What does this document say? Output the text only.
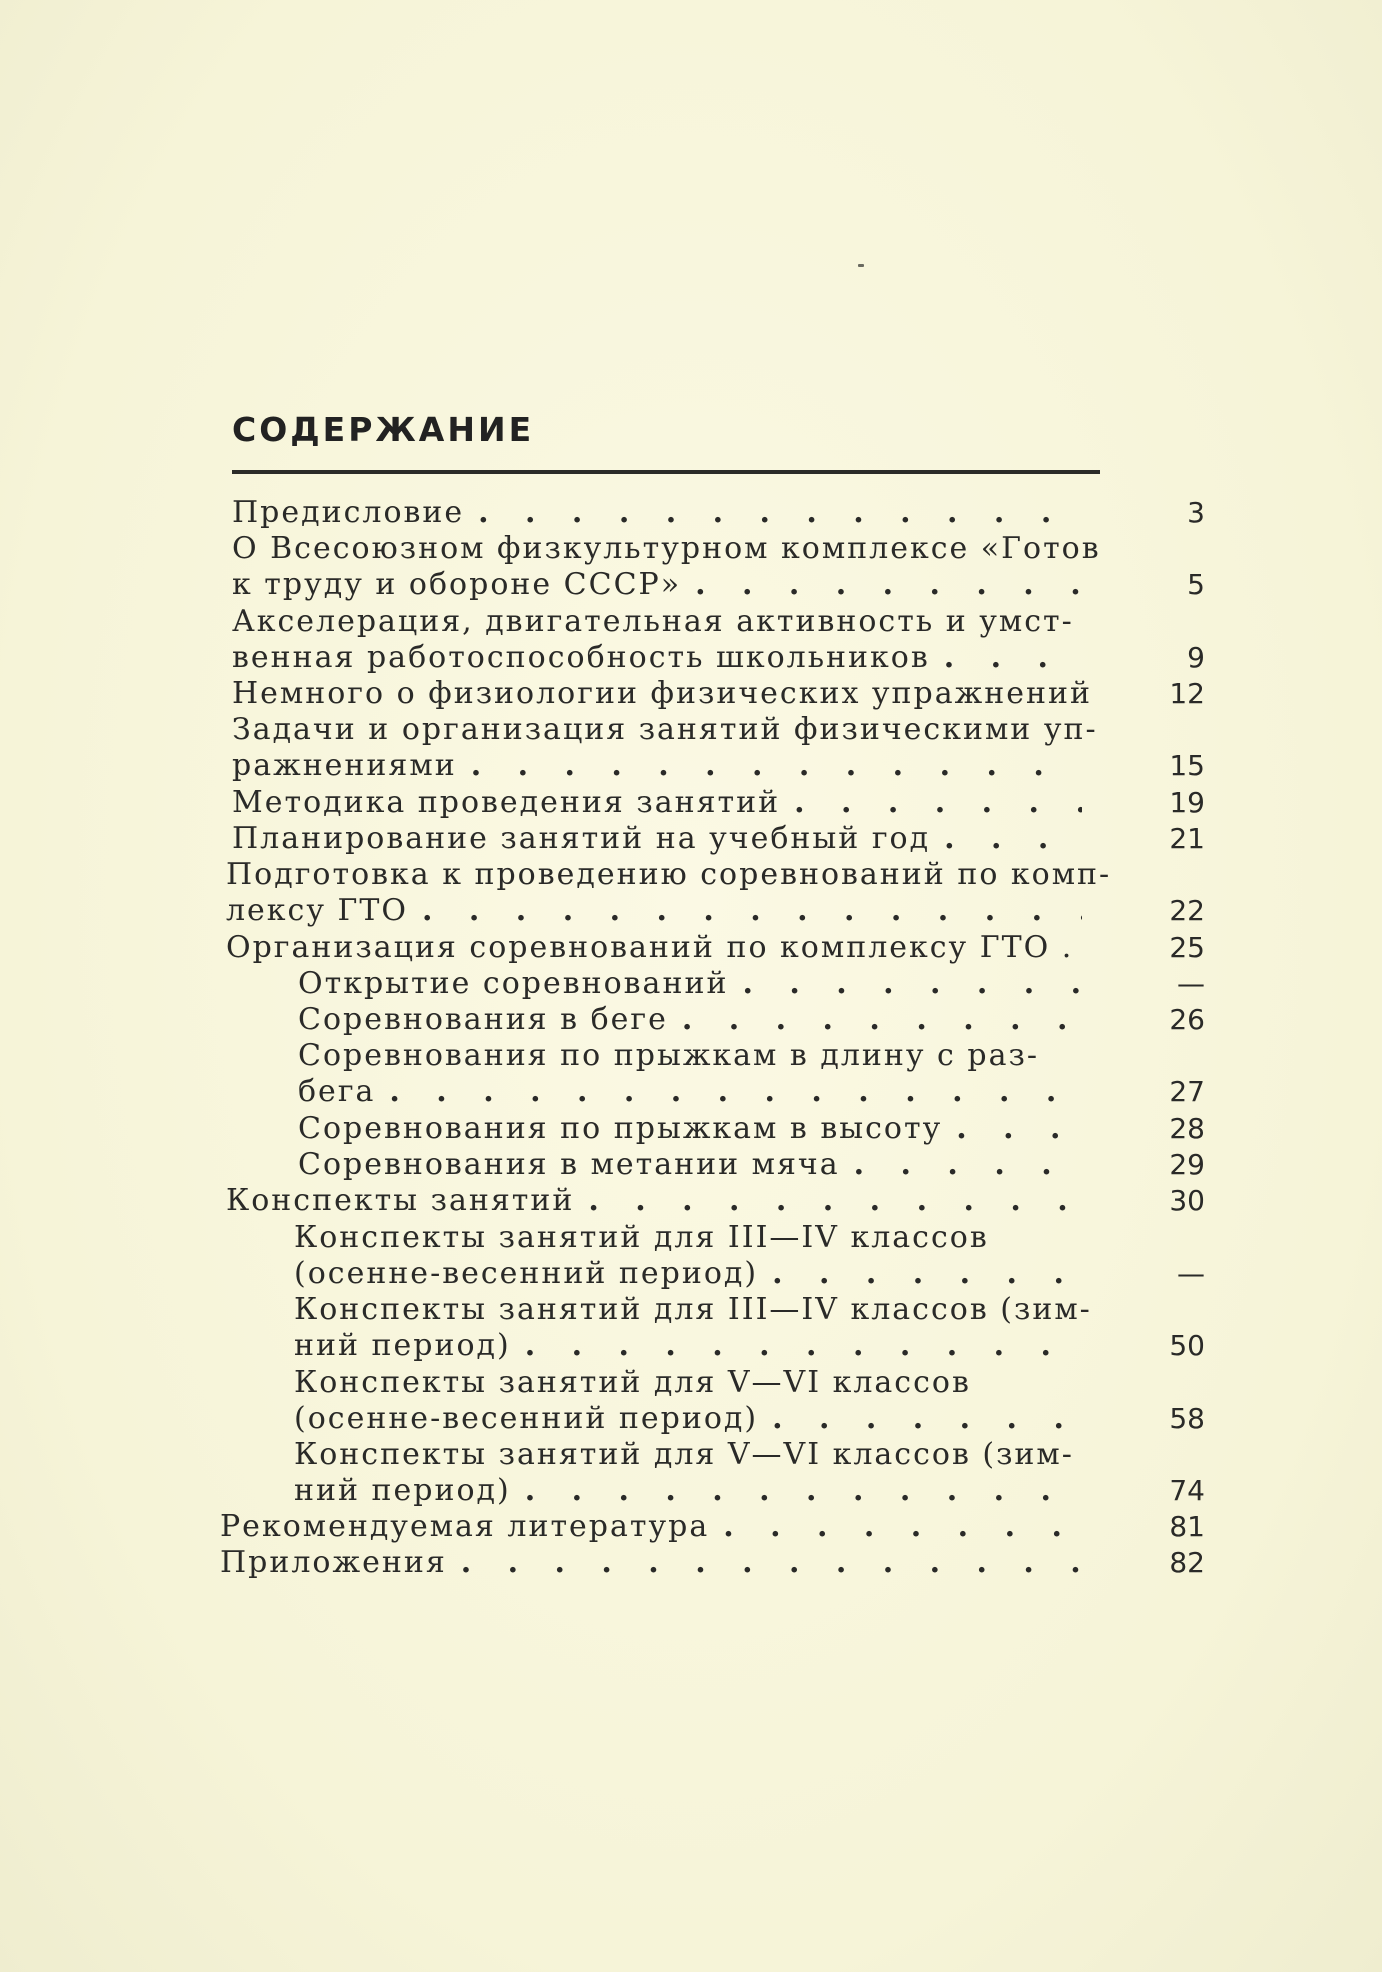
СОДЕРЖАНИЕ
3
Предисловие
. . .
О Всесоюзном физкультурном комплексе «Готов
5
к труду и обороне СССР»
. . .
Акселерация, двигательная активность и умст-
9
венная работоспособность школьников
. . .
12
Немного о физиологии физических упражнений
Задачи и организация занятий физическими уп-
15
ражнениями
. . .
19
Методика проведения занятий
. . .
21
Планирование занятий на учебный год
. . .
Подготовка к проведению соревнований по комп-
22
лексу ГТО
. . .
25
Организация соревнований по комплексу ГТО .
—
Открытие соревнований
. . .
26
Соревнования в беге
. . .
Соревнования по прыжкам в длину с раз-
27
бега
. . .
28
Соревнования по прыжкам в высоту
. . .
29
Соревнования в метании мяча
. . .
30
Конспекты занятий
. . .
Конспекты занятий для III—IV классов
—
(осенне-весенний период)
. . .
Конспекты занятий для III—IV классов (зим-
50
ний период)
. . .
Конспекты занятий для V—VI классов
58
(осенне-весенний период)
. . .
Конспекты занятий для V—VI классов (зим-
74
ний период)
. . .
81
Рекомендуемая литература
. . .
82
Приложения
. . .
